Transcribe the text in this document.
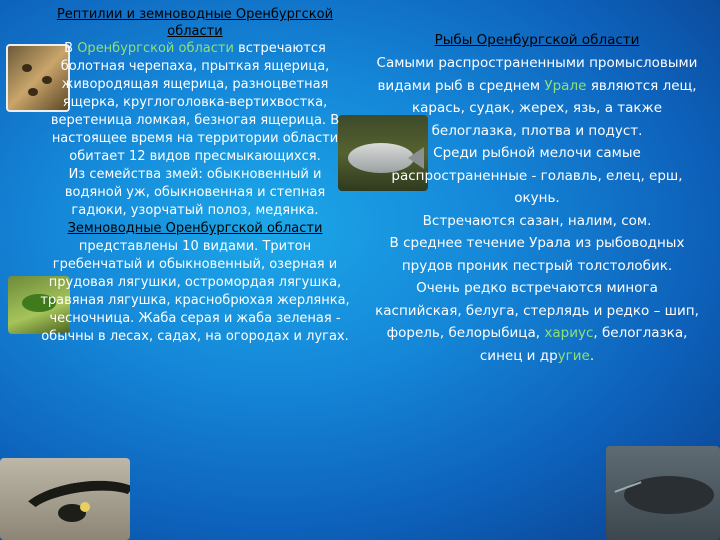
Рептилии и земноводные Оренбургской области

В Оренбургской области встречаются болотная черепаха, прыткая ящерица, живородящая ящерица, разноцветная ящерка, круглоголовка-вертихвостка, веретеница ломкая, безногая ящерица. В настоящее время на территории области обитает 12 видов пресмыкающихся.

Из семейства змей: обыкновенный и водяной уж, обыкновенная и степная гадюки, узорчатый полоз, медянка.

Земноводные Оренбургской области представлены 10 видами. Тритон гребенчатый и обыкновенный, озерная и прудовая лягушки, остромордая лягушка, травяная лягушка, краснобрюхая жерлянка, чесночница. Жаба серая и жаба зеленая - обычны в лесах, садах, на огородах и лугах.

Рыбы Оренбургской области

Самыми распространенными промысловыми видами рыб в среднем Урале являются лещ, карась, судак, жерех, язь, а также белоглазка, плотва и подуст.

Среди рыбной мелочи самые распространенные - голавль, елец, ерш, окунь.

Встречаются сазан, налим, сом.

В среднее течение Урала из рыбоводных прудов проник пестрый толстолобик.

Очень редко встречаются минога каспийская, белуга, стерлядь и редко – шип, форель, белорыбица, хариус, белоглазка, синец и другие.
